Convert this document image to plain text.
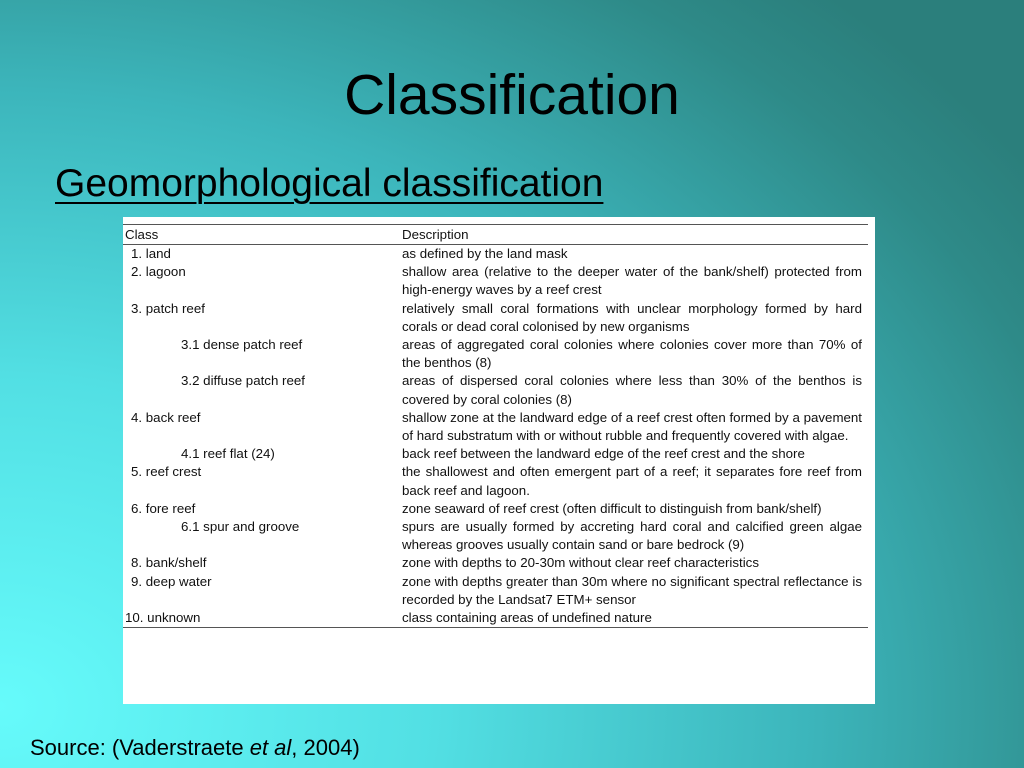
Classification
Geomorphological classification
Class	Description
1. land	as defined by the land mask
2. lagoon	shallow area (relative to the deeper water of the bank/shelf) protected from high-energy waves by a reef crest
3. patch reef	relatively small coral formations with unclear morphology formed by hard corals or dead coral colonised by new organisms
3.1 dense patch reef	areas of aggregated coral colonies where colonies cover more than 70% of the benthos (8)
3.2 diffuse patch reef	areas of dispersed coral colonies where less than 30% of the benthos is covered by coral colonies (8)
4. back reef	shallow zone at the landward edge of a reef crest often formed by a pavement of hard substratum with or without rubble and frequently covered with algae.
4.1 reef flat (24)	back reef between the landward edge of the reef crest and the shore
5. reef crest	the shallowest and often emergent part of a reef; it separates fore reef from back reef and lagoon.
6. fore reef	zone seaward of reef crest (often difficult to distinguish from bank/shelf)
6.1 spur and groove	spurs are usually formed by accreting hard coral and calcified green algae whereas grooves usually contain sand or bare bedrock (9)
8. bank/shelf	zone with depths to 20-30m without clear reef characteristics
9. deep water	zone with depths greater than 30m where no significant spectral reflectance is recorded by the Landsat7 ETM+ sensor
10. unknown	class containing areas of undefined nature
Source: (Vaderstraete et al, 2004)
